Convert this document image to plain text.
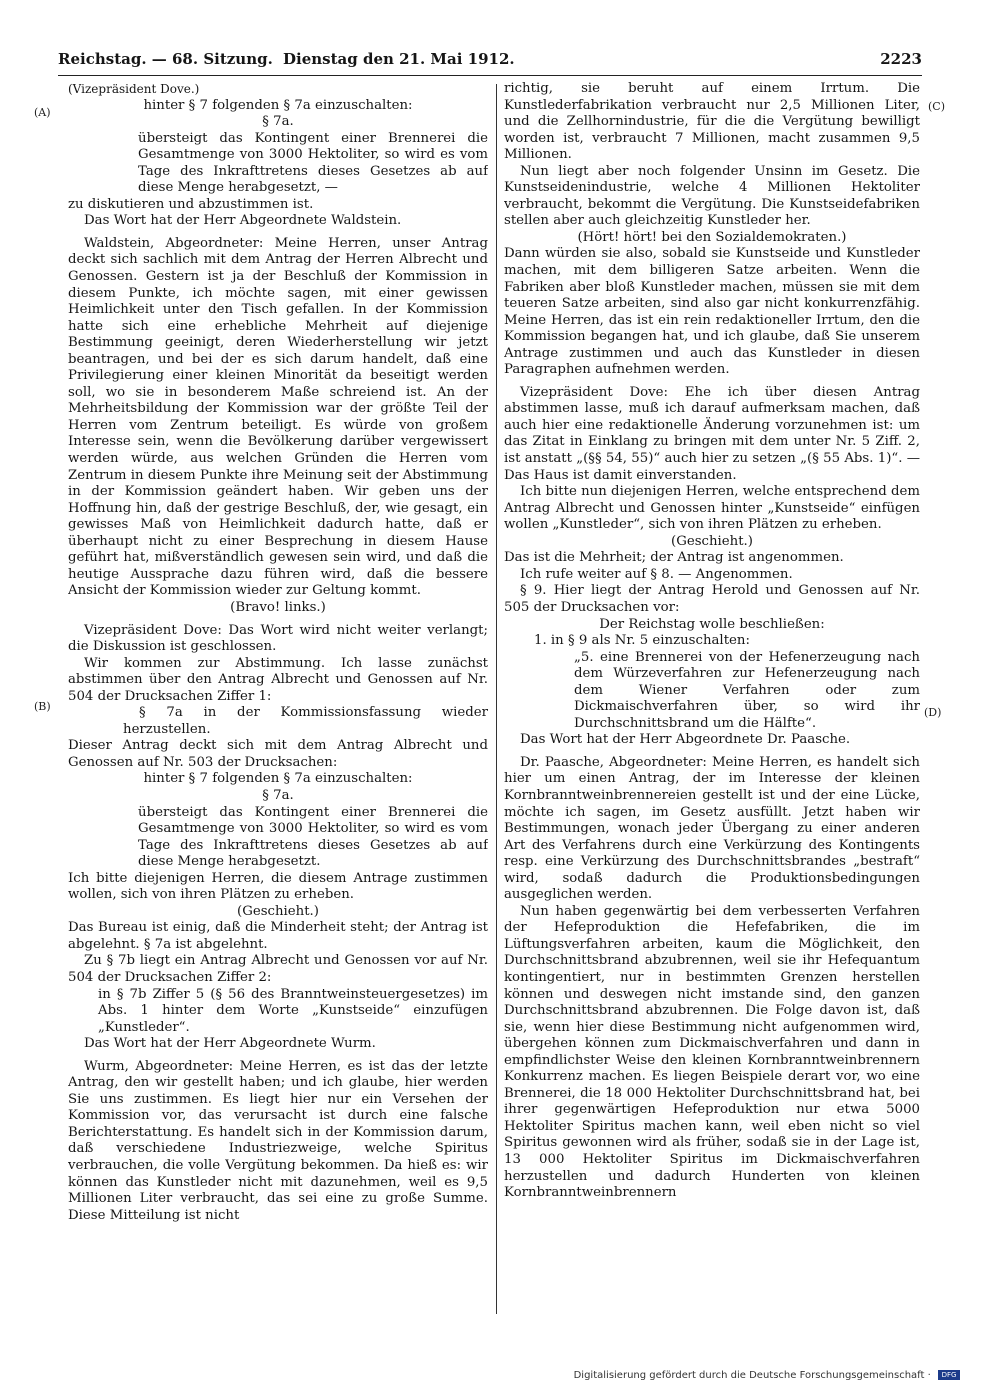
Reichstag. — 68. Sitzung. Dienstag den 21. Mai 1912.	2223
(A)
(B)
(C)
(D)

(Vizepräsident Dove.)

hinter § 7 folgenden § 7a einzuschalten:

§ 7a.

übersteigt das Kontingent einer Brennerei die Gesamtmenge von 3000 Hektoliter, so wird es vom Tage des Inkrafttretens dieses Gesetzes ab auf diese Menge herabgesetzt, —

zu diskutieren und abzustimmen ist.

Das Wort hat der Herr Abgeordnete Waldstein.

Waldstein, Abgeordneter: Meine Herren, unser Antrag deckt sich sachlich mit dem Antrag der Herren Albrecht und Genossen. Gestern ist ja der Beschluß der Kommission in diesem Punkte, ich möchte sagen, mit einer gewissen Heimlichkeit unter den Tisch gefallen. In der Kommission hatte sich eine erhebliche Mehrheit auf diejenige Bestimmung geeinigt, deren Wiederherstellung wir jetzt beantragen, und bei der es sich darum handelt, daß eine Privilegierung einer kleinen Minorität da beseitigt werden soll, wo sie in besonderem Maße schreiend ist. An der Mehrheitsbildung der Kommission war der größte Teil der Herren vom Zentrum beteiligt. Es würde von großem Interesse sein, wenn die Bevölkerung darüber vergewissert werden würde, aus welchen Gründen die Herren vom Zentrum in diesem Punkte ihre Meinung seit der Abstimmung in der Kommission geändert haben. Wir geben uns der Hoffnung hin, daß der gestrige Beschluß, der, wie gesagt, ein gewisses Maß von Heimlichkeit dadurch hatte, daß er überhaupt nicht zu einer Besprechung in diesem Hause geführt hat, mißverständlich gewesen sein wird, und daß die heutige Aussprache dazu führen wird, daß die bessere Ansicht der Kommission wieder zur Geltung kommt.

(Bravo! links.)

Vizepräsident Dove: Das Wort wird nicht weiter verlangt; die Diskussion ist geschlossen.

Wir kommen zur Abstimmung. Ich lasse zunächst abstimmen über den Antrag Albrecht und Genossen auf Nr. 504 der Drucksachen Ziffer 1:

§ 7a in der Kommissionsfassung wieder herzustellen.

Dieser Antrag deckt sich mit dem Antrag Albrecht und Genossen auf Nr. 503 der Drucksachen:

hinter § 7 folgenden § 7a einzuschalten:

§ 7a.

übersteigt das Kontingent einer Brennerei die Gesamtmenge von 3000 Hektoliter, so wird es vom Tage des Inkrafttretens dieses Gesetzes ab auf diese Menge herabgesetzt.

Ich bitte diejenigen Herren, die diesem Antrage zustimmen wollen, sich von ihren Plätzen zu erheben.

(Geschieht.)

Das Bureau ist einig, daß die Minderheit steht; der Antrag ist abgelehnt. § 7a ist abgelehnt.

Zu § 7b liegt ein Antrag Albrecht und Genossen vor auf Nr. 504 der Drucksachen Ziffer 2:

in § 7b Ziffer 5 (§ 56 des Branntweinsteuergesetzes) im Abs. 1 hinter dem Worte „Kunstseide“ einzufügen „Kunstleder“.

Das Wort hat der Herr Abgeordnete Wurm.

Wurm, Abgeordneter: Meine Herren, es ist das der letzte Antrag, den wir gestellt haben; und ich glaube, hier werden Sie uns zustimmen. Es liegt hier nur ein Versehen der Kommission vor, das verursacht ist durch eine falsche Berichterstattung. Es handelt sich in der Kommission darum, daß verschiedene Industriezweige, welche Spiritus verbrauchen, die volle Vergütung bekommen. Da hieß es: wir können das Kunstleder nicht mit dazunehmen, weil es 9,5 Millionen Liter verbraucht, das sei eine zu große Summe. Diese Mitteilung ist nicht

richtig, sie beruht auf einem Irrtum. Die Kunstlederfabrikation verbraucht nur 2,5 Millionen Liter, und die Zellhornindustrie, für die die Vergütung bewilligt worden ist, verbraucht 7 Millionen, macht zusammen 9,5 Millionen.

Nun liegt aber noch folgender Unsinn im Gesetz. Die Kunstseidenindustrie, welche 4 Millionen Hektoliter verbraucht, bekommt die Vergütung. Die Kunstseidefabriken stellen aber auch gleichzeitig Kunstleder her.

(Hört! hört! bei den Sozialdemokraten.)

Dann würden sie also, sobald sie Kunstseide und Kunstleder machen, mit dem billigeren Satze arbeiten. Wenn die Fabriken aber bloß Kunstleder machen, müssen sie mit dem teueren Satze arbeiten, sind also gar nicht konkurrenzfähig. Meine Herren, das ist ein rein redaktioneller Irrtum, den die Kommission begangen hat, und ich glaube, daß Sie unserem Antrage zustimmen und auch das Kunstleder in diesen Paragraphen aufnehmen werden.

Vizepräsident Dove: Ehe ich über diesen Antrag abstimmen lasse, muß ich darauf aufmerksam machen, daß auch hier eine redaktionelle Änderung vorzunehmen ist: um das Zitat in Einklang zu bringen mit dem unter Nr. 5 Ziff. 2, ist anstatt „(§§ 54, 55)“ auch hier zu setzen „(§ 55 Abs. 1)“. — Das Haus ist damit einverstanden.

Ich bitte nun diejenigen Herren, welche entsprechend dem Antrag Albrecht und Genossen hinter „Kunstseide“ einfügen wollen „Kunstleder“, sich von ihren Plätzen zu erheben.

(Geschieht.)

Das ist die Mehrheit; der Antrag ist angenommen.

Ich rufe weiter auf § 8. — Angenommen.

§ 9. Hier liegt der Antrag Herold und Genossen auf Nr. 505 der Drucksachen vor:

Der Reichstag wolle beschließen:

1. in § 9 als Nr. 5 einzuschalten:

„5. eine Brennerei von der Hefenerzeugung nach dem Würzeverfahren zur Hefenerzeugung nach dem Wiener Verfahren oder zum Dickmaischverfahren über, so wird ihr Durchschnittsbrand um die Hälfte“.

Das Wort hat der Herr Abgeordnete Dr. Paasche.

Dr. Paasche, Abgeordneter: Meine Herren, es handelt sich hier um einen Antrag, der im Interesse der kleinen Kornbranntweinbrennereien gestellt ist und der eine Lücke, möchte ich sagen, im Gesetz ausfüllt. Jetzt haben wir Bestimmungen, wonach jeder Übergang zu einer anderen Art des Verfahrens durch eine Verkürzung des Kontingents resp. eine Verkürzung des Durchschnittsbrandes „bestraft“ wird, sodaß dadurch die Produktionsbedingungen ausgeglichen werden.

Nun haben gegenwärtig bei dem verbesserten Verfahren der Hefeproduktion die Hefefabriken, die im Lüftungsverfahren arbeiten, kaum die Möglichkeit, den Durchschnittsbrand abzubrennen, weil sie ihr Hefequantum kontingentiert, nur in bestimmten Grenzen herstellen können und deswegen nicht imstande sind, den ganzen Durchschnittsbrand abzubrennen. Die Folge davon ist, daß sie, wenn hier diese Bestimmung nicht aufgenommen wird, übergehen können zum Dickmaischverfahren und dann in empfindlichster Weise den kleinen Kornbranntweinbrennern Konkurrenz machen. Es liegen Beispiele derart vor, wo eine Brennerei, die 18 000 Hektoliter Durchschnittsbrand hat, bei ihrer gegenwärtigen Hefeproduktion nur etwa 5000 Hektoliter Spiritus machen kann, weil eben nicht so viel Spiritus gewonnen wird als früher, sodaß sie in der Lage ist, 13 000 Hektoliter Spiritus im Dickmaischverfahren herzustellen und dadurch Hunderten von kleinen Kornbranntweinbrennern

Digitalisierung gefördert durch die Deutsche Forschungsgemeinschaft · DFG
